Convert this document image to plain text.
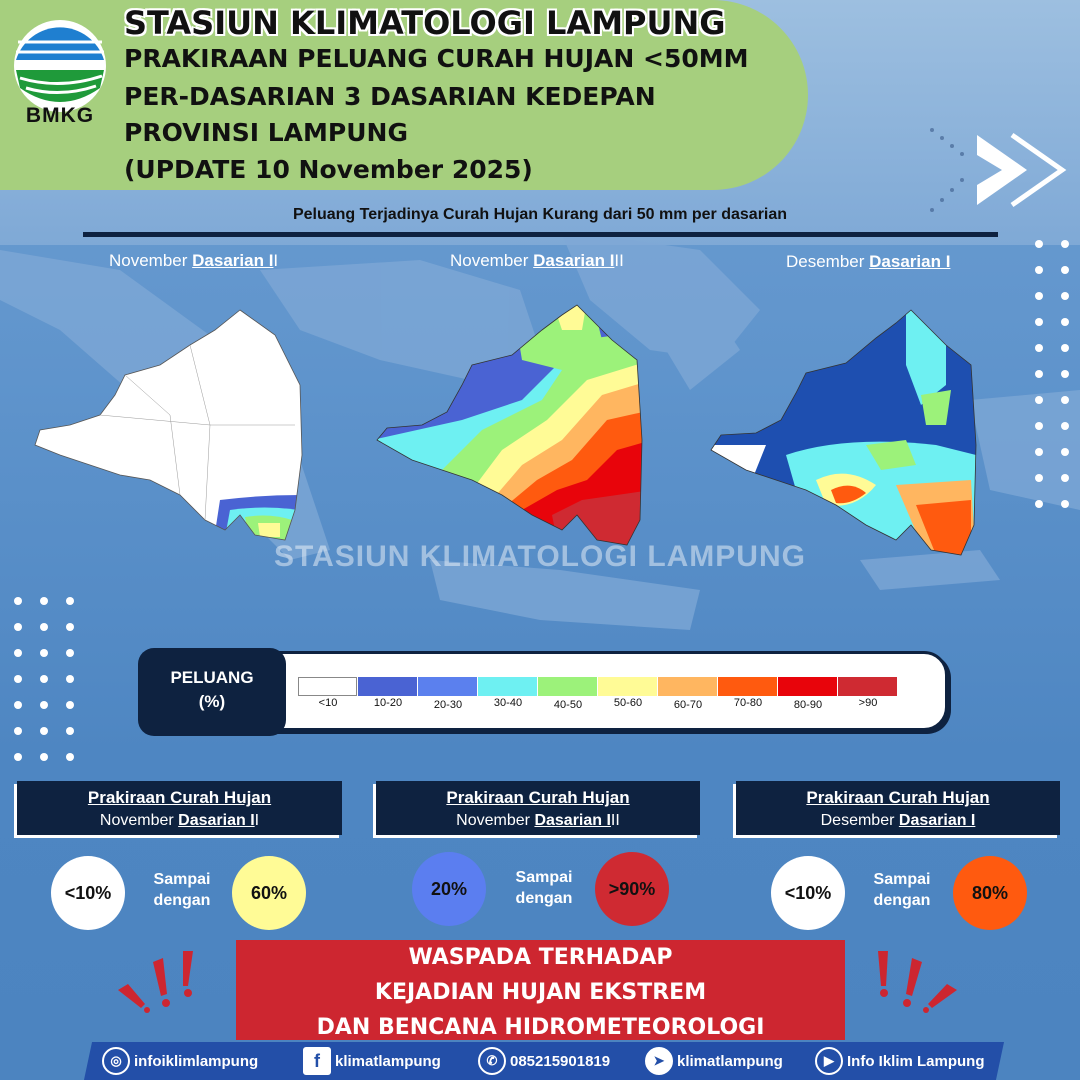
BMKG
STASIUN KLIMATOLOGI LAMPUNG
PRAKIRAAN PELUANG CURAH HUJAN <50MM
PER-DASARIAN 3 DASARIAN KEDEPAN
PROVINSI LAMPUNG
(UPDATE 10 November 2025)
Peluang Terjadinya Curah Hujan Kurang dari 50 mm per dasarian
November Dasarian II	November Dasarian III	Desember Dasarian I
STASIUN KLIMATOLOGI LAMPUNG
PELUANG
(%)	<10	10-20	20-30	30-40	40-50	50-60	60-70	70-80	80-90	>90
Prakiraan Curah Hujan
November Dasarian II
Prakiraan Curah Hujan
November Dasarian III
Prakiraan Curah Hujan
Desember Dasarian I
<10%
Sampai
dengan	60%	20%
Sampai
dengan	>90%	<10%
Sampai
dengan	80%
WASPADA TERHADAP
KEJADIAN HUJAN EKSTREM
DAN BENCANA HIDROMETEOROLOGI
◎ infoiklimlampung	f	klimatlampung	✆ 085215901819	➤ klimatlampung	▶ Info Iklim Lampung
